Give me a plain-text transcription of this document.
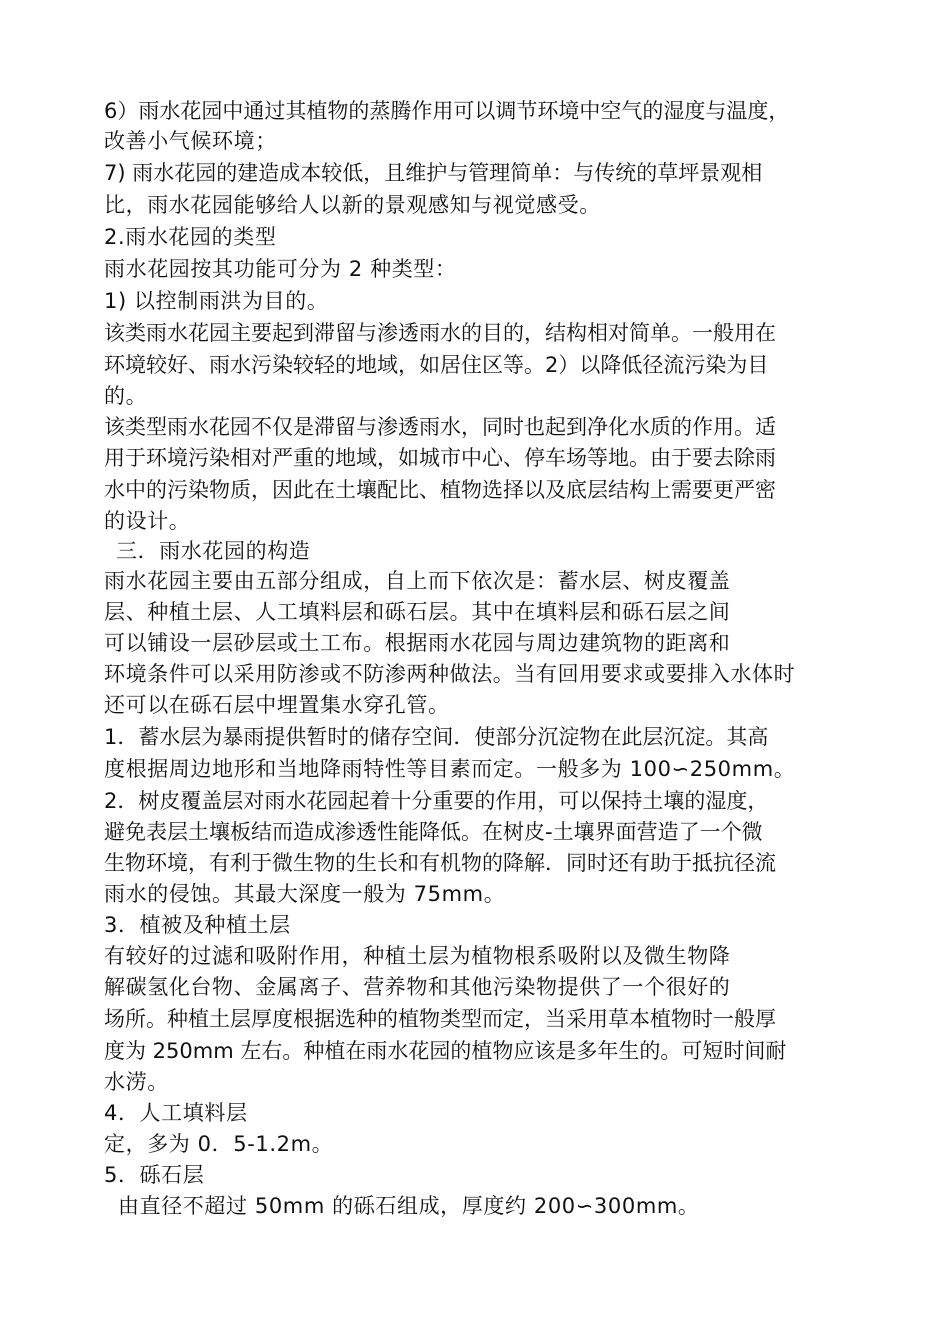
6）雨水花园中通过其植物的蒸腾作用可以调节环境中空气的湿度与温度，

改善小气候环境；

7) 雨水花园的建造成本较低，且维护与管理简单：与传统的草坪景观相

比，雨水花园能够给人以新的景观感知与视觉感受。

2.雨水花园的类型

雨水花园按其功能可分为 2 种类型：

1) 以控制雨洪为目的。

该类雨水花园主要起到滞留与渗透雨水的目的，结构相对简单。一般用在

环境较好、雨水污染较轻的地域，如居住区等。2）以降低径流污染为目

的。

该类型雨水花园不仅是滞留与渗透雨水，同时也起到净化水质的作用。适

用于环境污染相对严重的地域，如城市中心、停车场等地。由于要去除雨

水中的污染物质，因此在土壤配比、植物选择以及底层结构上需要更严密

的设计。

三．雨水花园的构造

雨水花园主要由五部分组成，自上而下依次是：蓄水层、树皮覆盖

层、种植土层、人工填料层和砾石层。其中在填料层和砾石层之间

可以铺设一层砂层或土工布。根据雨水花园与周边建筑物的距离和

环境条件可以采用防渗或不防渗两种做法。当有回用要求或要排入水体时

还可以在砾石层中埋置集水穿孔管。

1．蓄水层为暴雨提供暂时的储存空间．使部分沉淀物在此层沉淀。其高

度根据周边地形和当地降雨特性等目素而定。一般多为 100∽250mm。

2．树皮覆盖层对雨水花园起着十分重要的作用，可以保持土壤的湿度，

避免表层土壤板结而造成渗透性能降低。在树皮-土壤界面营造了一个微

生物环境，有利于微生物的生长和有机物的降解．同时还有助于抵抗径流

雨水的侵蚀。其最大深度一般为 75mm。

3．植被及种植土层

有较好的过滤和吸附作用，种植土层为植物根系吸附以及微生物降

解碳氢化台物、金属离子、营养物和其他污染物提供了一个很好的

场所。种植土层厚度根据选种的植物类型而定，当采用草本植物时一般厚

度为 250mm 左右。种植在雨水花园的植物应该是多年生的。可短时间耐

水涝。

4．人工填料层

定，多为 0．5-1.2m。

5．砾石层

由直径不超过 50mm 的砾石组成，厚度约 200∽300mm。
